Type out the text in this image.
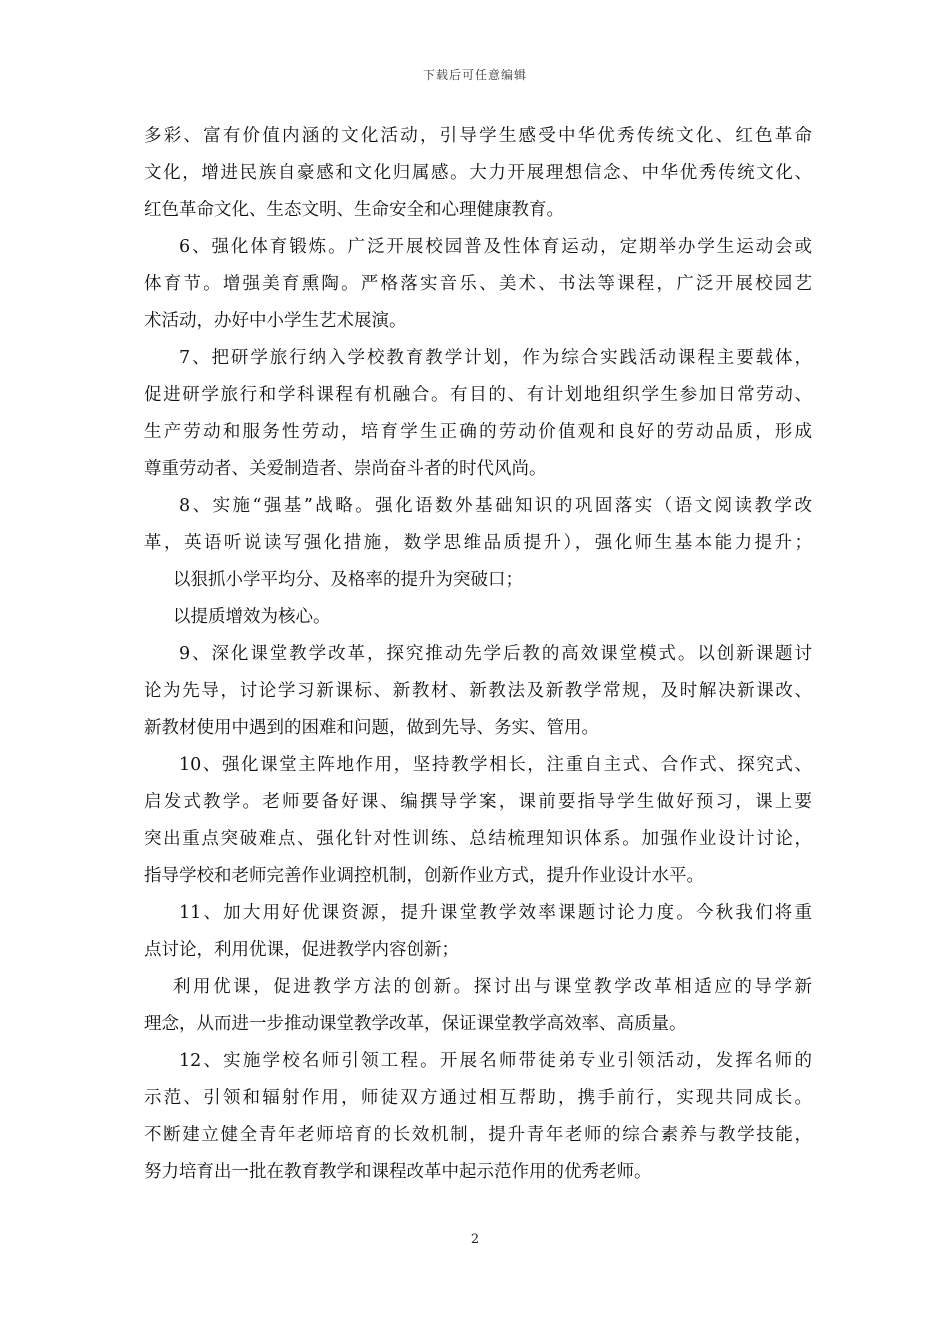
下载后可任意编辑
多彩、富有价值内涵的文化活动，引导学生感受中华优秀传统文化、红色革命
文化，增进民族自豪感和文化归属感。大力开展理想信念、中华优秀传统文化、
红色革命文化、生态文明、生命安全和心理健康教育。
6、强化体育锻炼。广泛开展校园普及性体育运动，定期举办学生运动会或
体育节。增强美育熏陶。严格落实音乐、美术、书法等课程，广泛开展校园艺
术活动，办好中小学生艺术展演。
7、把研学旅行纳入学校教育教学计划，作为综合实践活动课程主要载体，
促进研学旅行和学科课程有机融合。有目的、有计划地组织学生参加日常劳动、
生产劳动和服务性劳动，培育学生正确的劳动价值观和良好的劳动品质，形成
尊重劳动者、关爱制造者、崇尚奋斗者的时代风尚。
8、实施“强基”战略。强化语数外基础知识的巩固落实（语文阅读教学改
革，英语听说读写强化措施，数学思维品质提升），强化师生基本能力提升；
以狠抓小学平均分、及格率的提升为突破口；
以提质增效为核心。
9、深化课堂教学改革，探究推动先学后教的高效课堂模式。以创新课题讨
论为先导，讨论学习新课标、新教材、新教法及新教学常规，及时解决新课改、
新教材使用中遇到的困难和问题，做到先导、务实、管用。
10、强化课堂主阵地作用，坚持教学相长，注重自主式、合作式、探究式、
启发式教学。老师要备好课、编撰导学案，课前要指导学生做好预习，课上要
突出重点突破难点、强化针对性训练、总结梳理知识体系。加强作业设计讨论，
指导学校和老师完善作业调控机制，创新作业方式，提升作业设计水平。
11、加大用好优课资源，提升课堂教学效率课题讨论力度。今秋我们将重
点讨论，利用优课，促进教学内容创新；
利用优课，促进教学方法的创新。探讨出与课堂教学改革相适应的导学新
理念，从而进一步推动课堂教学改革，保证课堂教学高效率、高质量。
12、实施学校名师引领工程。开展名师带徒弟专业引领活动，发挥名师的
示范、引领和辐射作用，师徒双方通过相互帮助，携手前行，实现共同成长。
不断建立健全青年老师培育的长效机制，提升青年老师的综合素养与教学技能，
努力培育出一批在教育教学和课程改革中起示范作用的优秀老师。
2
